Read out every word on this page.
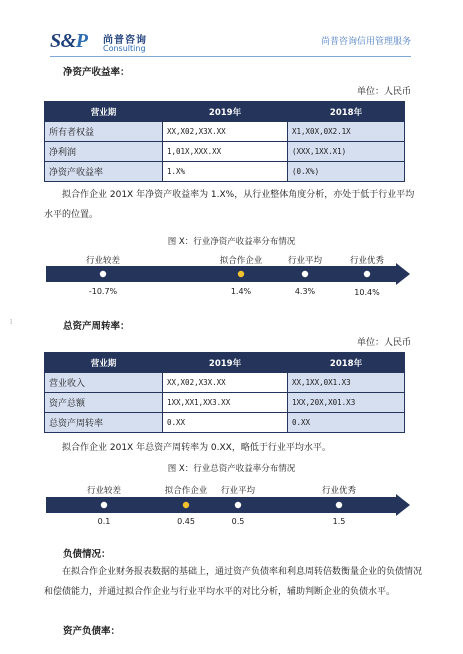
S&P 尚普咨询
Consulting
尚普咨询信用管理服务
净资产收益率：
单位：人民币
营业期	2019年	2018年
所有者权益	XX,X02,X3X.XX	X1,X0X,0X2.1X
净利润	1,01X,XXX.XX	(XXX,1XX.X1)
净资产收益率	1.X%	(0.X%)
拟合作企业 201X 年净资产收益率为 1.X%，从行业整体角度分析，亦处于低于行业平均水平的位置。
图 X：行业净资产收益率分布情况
行业较差	拟合作企业	行业平均	行业优秀
-10.7%	1.4%	4.3%	10.4%
⁞	总资产周转率：
单位：人民币
营业期	2019年	2018年
营业收入	XX,X02,X3X.XX	XX,1XX,0X1.X3
资产总额	1XX,XX1,XX3.XX	1XX,20X,X01.X3
总资产周转率	0.XX	0.XX
拟合作企业 201X 年总资产周转率为 0.XX，略低于行业平均水平。
图 X：行业总资产收益率分布情况
行业较差	拟合作企业 行业平均	行业优秀
0.1	0.45	0.5	1.5
负债情况：
在拟合作企业财务报表数据的基础上，通过资产负债率和利息周转倍数衡量企业的负债情况和偿债能力，并通过拟合作企业与行业平均水平的对比分析，辅助判断企业的负债水平。
资产负债率：
